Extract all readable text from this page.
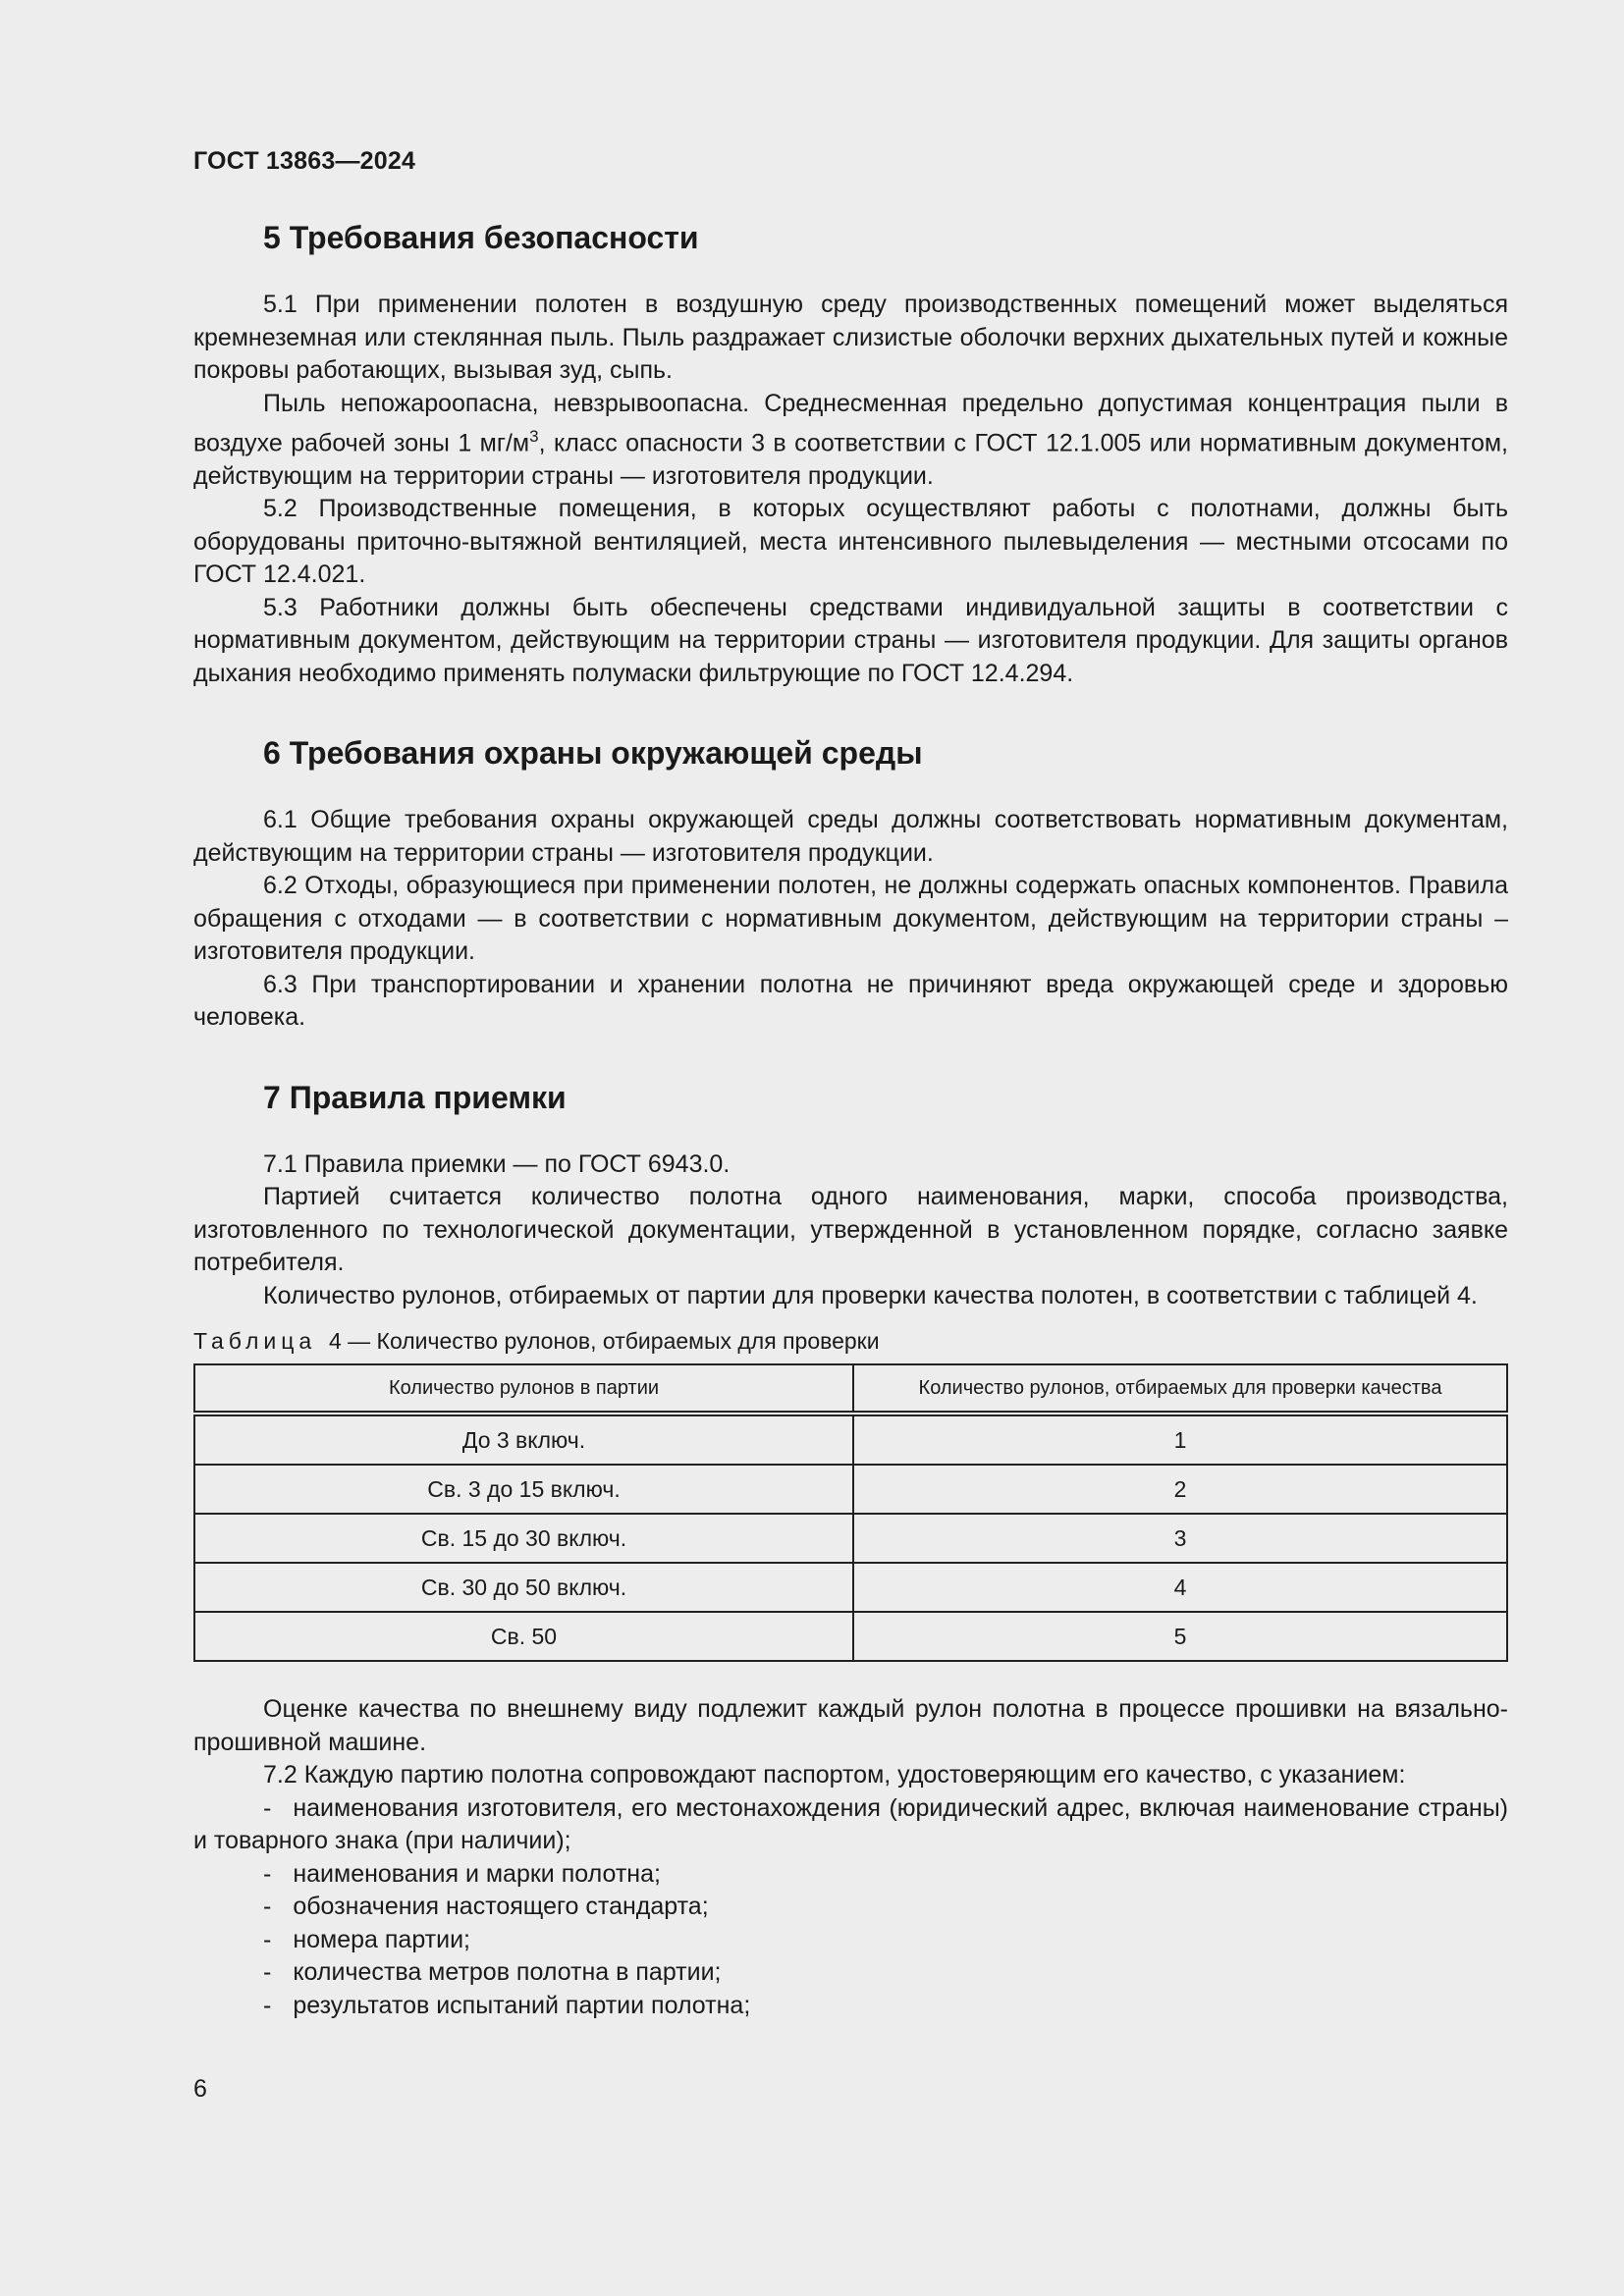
ГОСТ 13863—2024
5 Требования безопасности

5.1 При применении полотен в воздушную среду производственных помещений может выделяться кремнеземная или стеклянная пыль. Пыль раздражает слизистые оболочки верхних дыхательных путей и кожные покровы работающих, вызывая зуд, сыпь.

Пыль непожароопасна, невзрывоопасна. Среднесменная предельно допустимая концентрация пыли в воздухе рабочей зоны 1 $мг/м^3$, класс опасности 3 в соответствии с ГОСТ 12.1.005 или нормативным документом, действующим на территории страны — изготовителя продукции.

5.2 Производственные помещения, в которых осуществляют работы с полотнами, должны быть оборудованы приточно-вытяжной вентиляцией, места интенсивного пылевыделения — местными отсосами по ГОСТ 12.4.021.

5.3 Работники должны быть обеспечены средствами индивидуальной защиты в соответствии с нормативным документом, действующим на территории страны — изготовителя продукции. Для защиты органов дыхания необходимо применять полумаски фильтрующие по ГОСТ 12.4.294.

6 Требования охраны окружающей среды

6.1 Общие требования охраны окружающей среды должны соответствовать нормативным документам, действующим на территории страны — изготовителя продукции.

6.2 Отходы, образующиеся при применении полотен, не должны содержать опасных компонентов. Правила обращения с отходами — в соответствии с нормативным документом, действующим на территории страны – изготовителя продукции.

6.3 При транспортировании и хранении полотна не причиняют вреда окружающей среде и здоровью человека.

7 Правила приемки

7.1 Правила приемки — по ГОСТ 6943.0.

Партией считается количество полотна одного наименования, марки, способа производства, изготовленного по технологической документации, утвержденной в установленном порядке, согласно заявке потребителя.

Количество рулонов, отбираемых от партии для проверки качества полотен, в соответствии с таблицей 4.

Таблица  4 — Количество рулонов, отбираемых для проверки
Количество рулонов в партии	Количество рулонов, отбираемых для проверки качества
До 3 включ.	1
Св. 3 до 15 включ.	2
Св. 15 до 30 включ.	3
Св. 30 до 50 включ.	4
Св. 50	5

Оценке качества по внешнему виду подлежит каждый рулон полотна в процессе прошивки на вязально-прошивной машине.

7.2 Каждую партию полотна сопровождают паспортом, удостоверяющим его качество, с указанием:

- наименования изготовителя, его местонахождения (юридический адрес, включая наименование страны) и товарного знака (при наличии);

- наименования и марки полотна;

- обозначения настоящего стандарта;

- номера партии;

- количества метров полотна в партии;

- результатов испытаний партии полотна;

6
